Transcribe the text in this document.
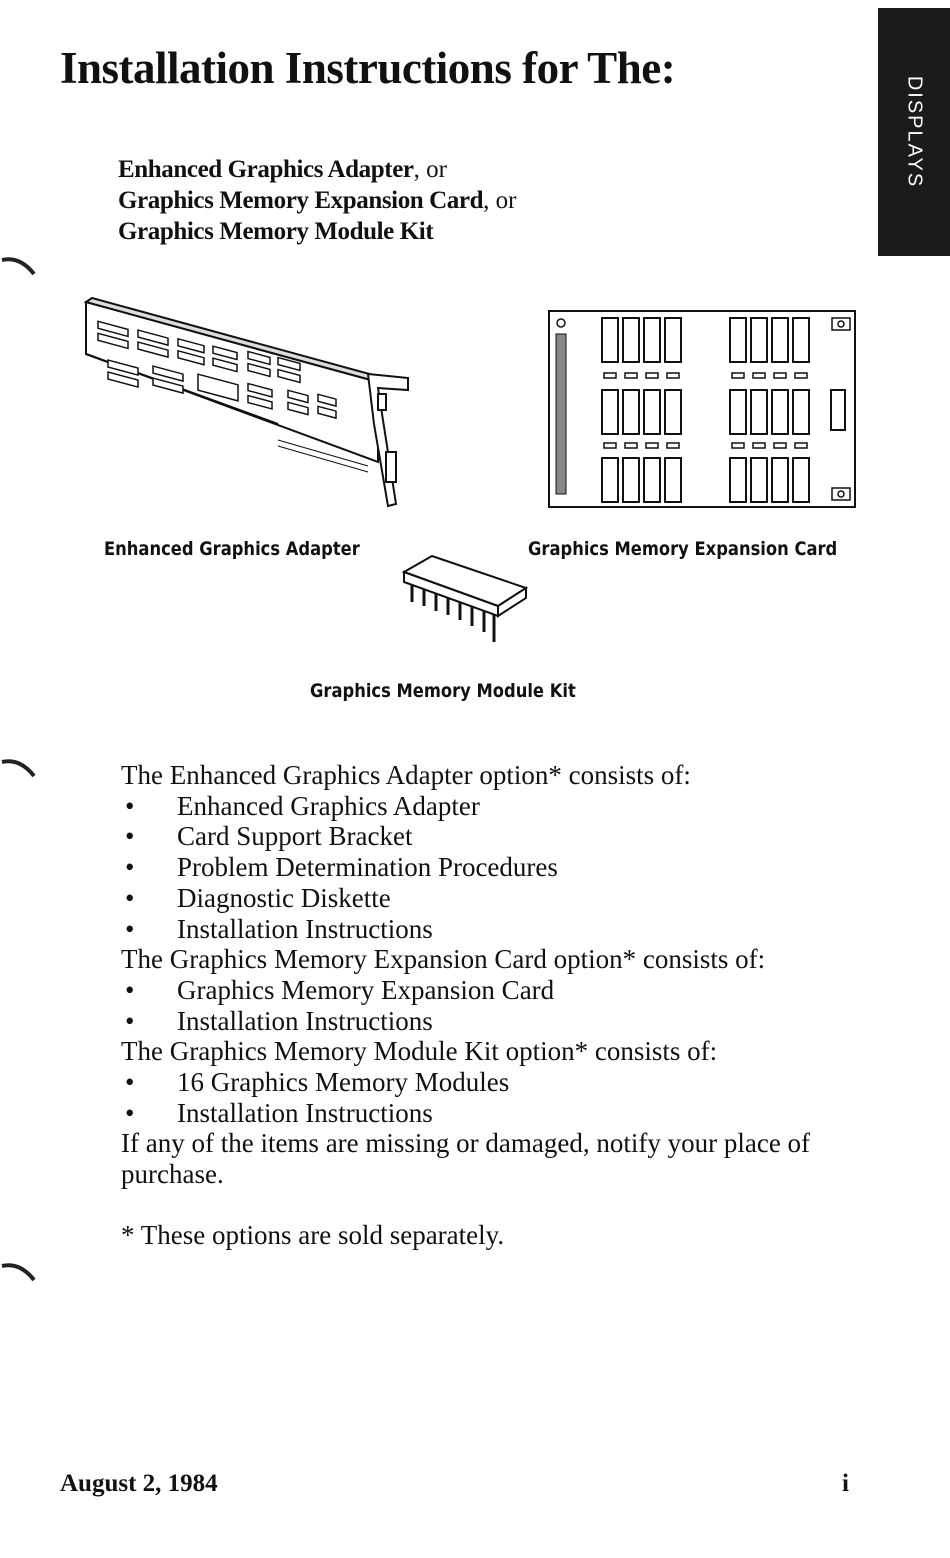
Installation Instructions for The:
DISPLAYS
Enhanced Graphics Adapter, or
Graphics Memory Expansion Card, or
Graphics Memory Module Kit
Enhanced Graphics Adapter	Graphics Memory Expansion Card
Graphics Memory Module Kit

The Enhanced Graphics Adapter option* consists of:

• Enhanced Graphics Adapter
• Card Support Bracket
• Problem Determination Procedures
• Diagnostic Diskette
• Installation Instructions

The Graphics Memory Expansion Card option* consists of:

• Graphics Memory Expansion Card
• Installation Instructions

The Graphics Memory Module Kit option* consists of:

• 16 Graphics Memory Modules
• Installation Instructions

If any of the items are missing or damaged, notify your place of purchase.

* These options are sold separately.

August 2, 1984	i
